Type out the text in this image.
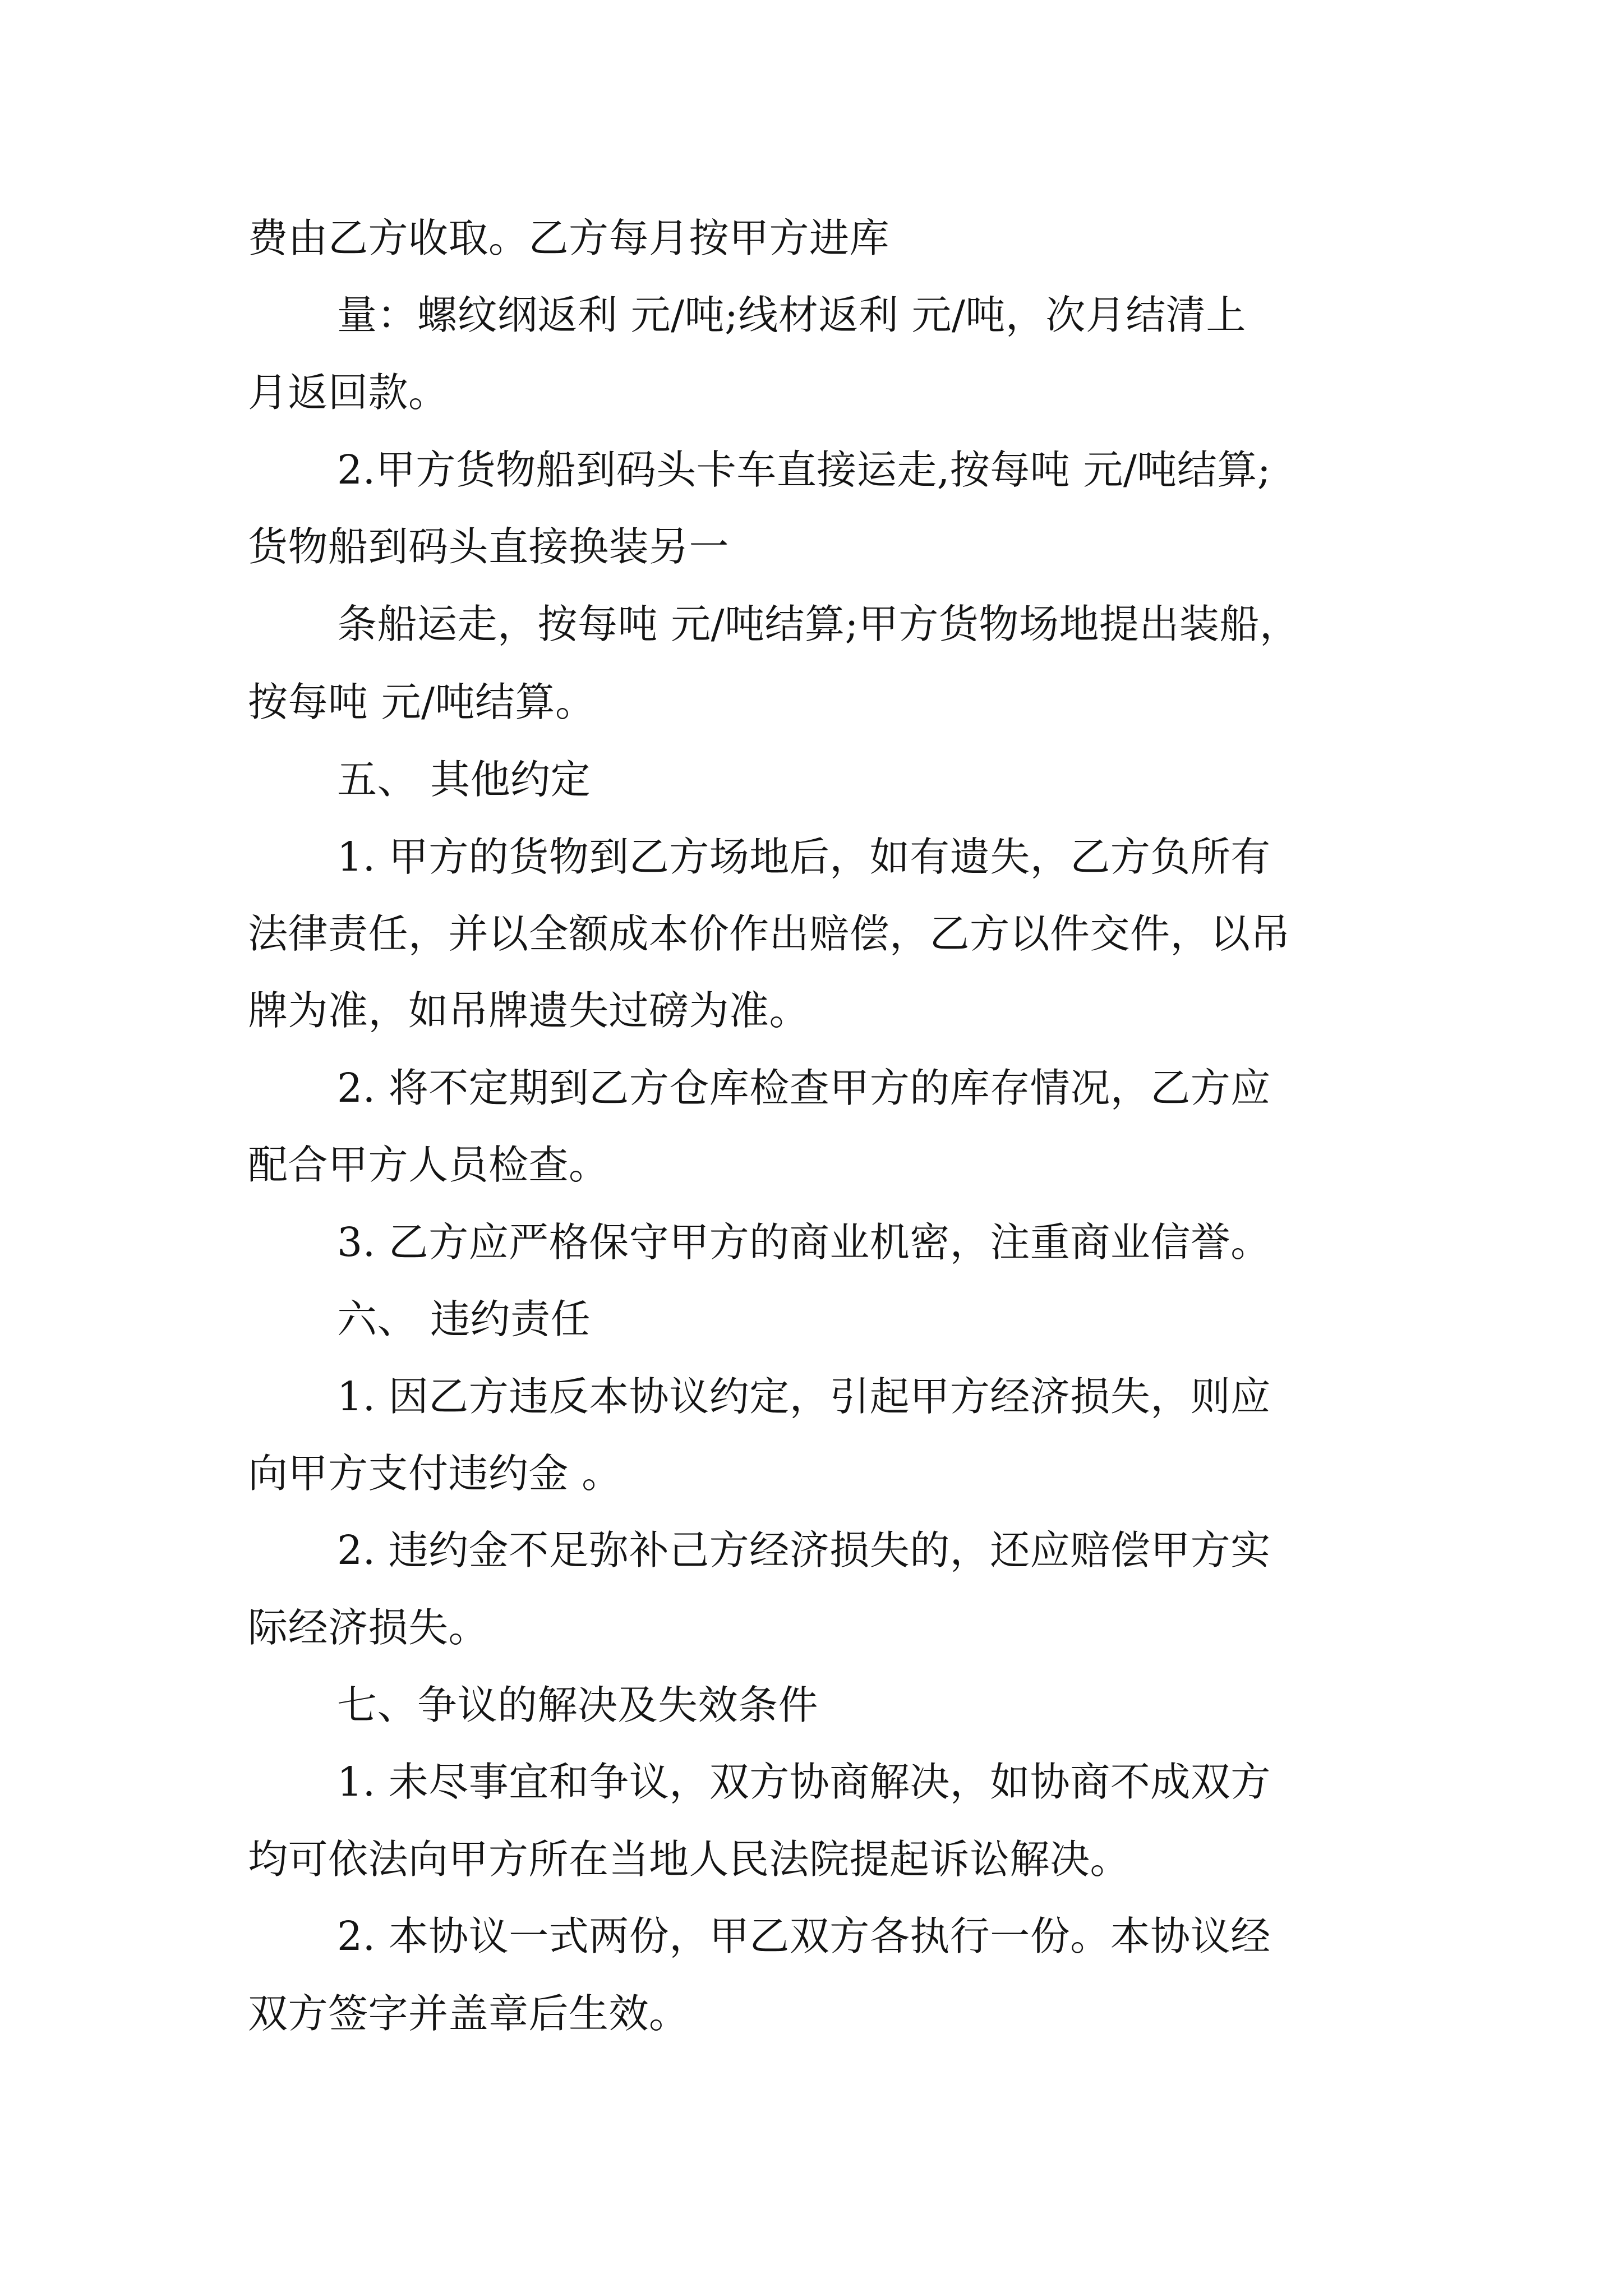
费由乙方收取。乙方每月按甲方进库
量：螺纹纲返利 元/吨;线材返利 元/吨，次月结清上
月返回款。
2.甲方货物船到码头卡车直接运走,按每吨 元/吨结算;
货物船到码头直接换装另一
条船运走，按每吨 元/吨结算;甲方货物场地提出装船，
按每吨 元/吨结算。
五、 其他约定
1. 甲方的货物到乙方场地后，如有遗失，乙方负所有
法律责任，并以全额成本价作出赔偿，乙方以件交件，以吊
牌为准，如吊牌遗失过磅为准。
2. 将不定期到乙方仓库检查甲方的库存情况，乙方应
配合甲方人员检查。
3. 乙方应严格保守甲方的商业机密，注重商业信誉。
六、 违约责任
1. 因乙方违反本协议约定，引起甲方经济损失，则应
向甲方支付违约金 。
2. 违约金不足弥补己方经济损失的，还应赔偿甲方实
际经济损失。
七、争议的解决及失效条件
1. 未尽事宜和争议，双方协商解决，如协商不成双方
均可依法向甲方所在当地人民法院提起诉讼解决。
2. 本协议一式两份，甲乙双方各执行一份。本协议经
双方签字并盖章后生效。
